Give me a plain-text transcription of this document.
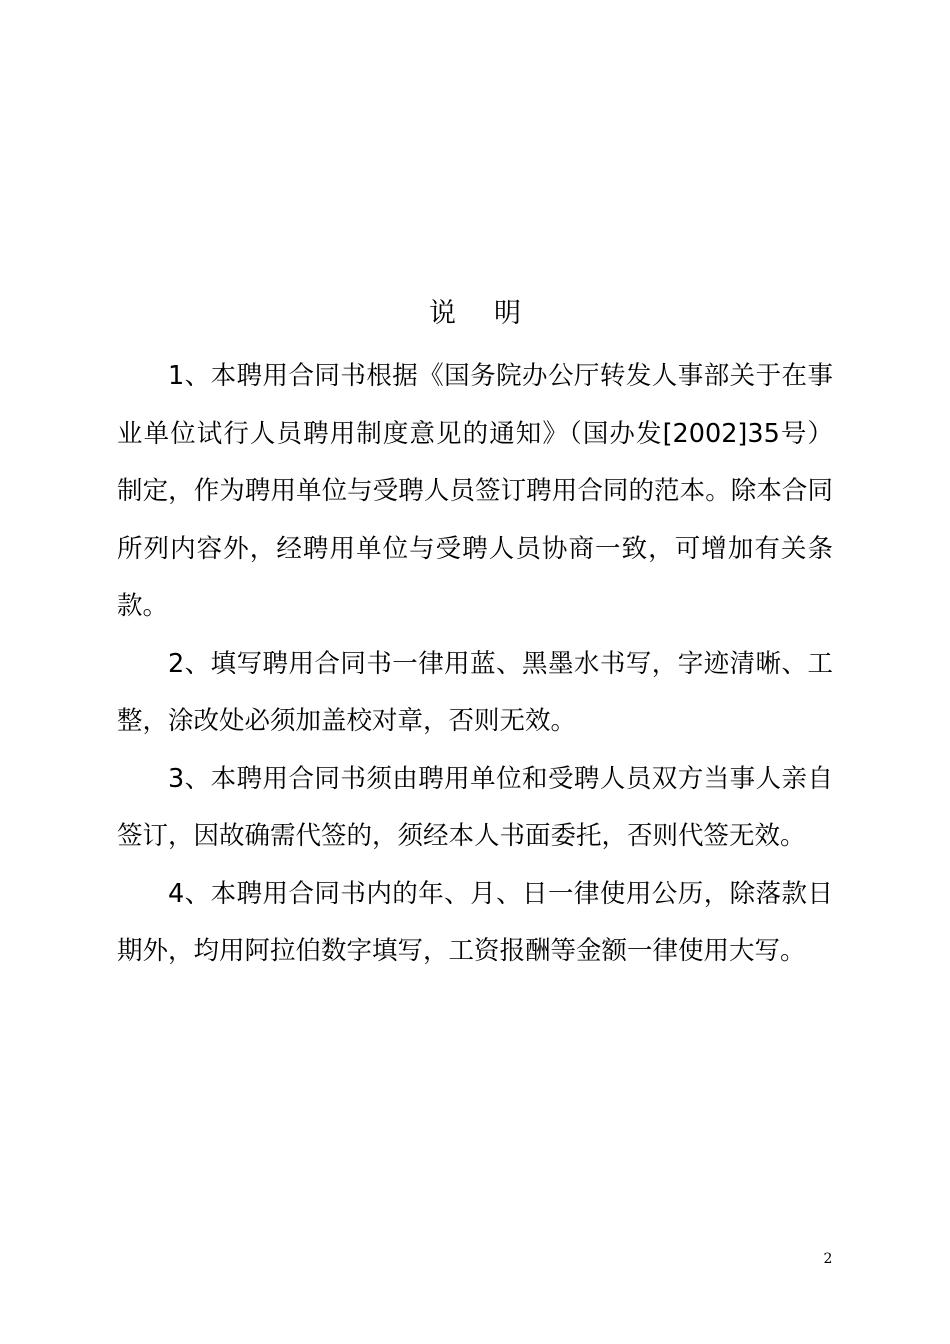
说明

1、本聘用合同书根据《国务院办公厅转发人事部关于在事业单位试行人员聘用制度意见的通知》（国办发[2002]35号）制定，作为聘用单位与受聘人员签订聘用合同的范本。除本合同所列内容外，经聘用单位与受聘人员协商一致，可增加有关条款。

2、填写聘用合同书一律用蓝、黑墨水书写，字迹清晰、工整，涂改处必须加盖校对章，否则无效。

3、本聘用合同书须由聘用单位和受聘人员双方当事人亲自签订，因故确需代签的，须经本人书面委托，否则代签无效。

4、本聘用合同书内的年、月、日一律使用公历，除落款日期外，均用阿拉伯数字填写，工资报酬等金额一律使用大写。

2
